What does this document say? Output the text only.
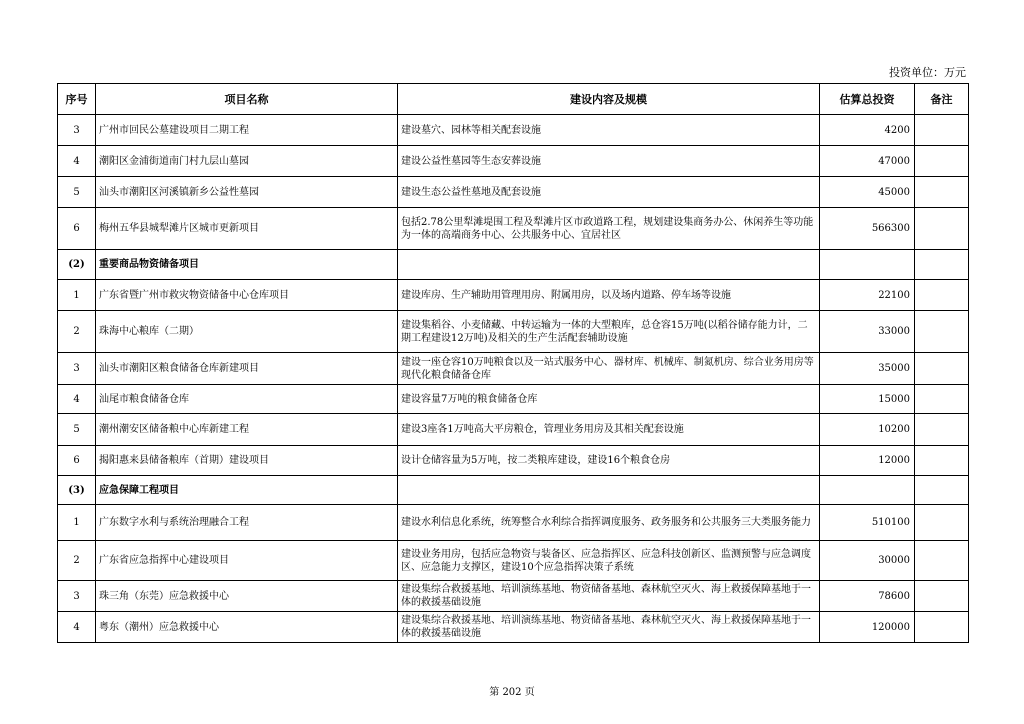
投资单位：万元
序号	项目名称	建设内容及规模	估算总投资	备注
3	广州市回民公墓建设项目二期工程	建设墓穴、园林等相关配套设施	4200	
4	潮阳区金浦街道南门村九层山墓园	建设公益性墓园等生态安葬设施	47000	
5	汕头市潮阳区河溪镇新乡公益性墓园	建设生态公益性墓地及配套设施	45000	
6	梅州五华县城犁滩片区城市更新项目	包括2.78公里犁滩堤围工程及犁滩片区市政道路工程，规划建设集商务办公、休闲养生等功能为一体的高端商务中心、公共服务中心、宜居社区	566300	
(2)	重要商品物资储备项目			
1	广东省暨广州市救灾物资储备中心仓库项目	建设库房、生产辅助用管理用房、附属用房，以及场内道路、停车场等设施	22100	
2	珠海中心粮库（二期）	建设集稻谷、小麦储藏、中转运输为一体的大型粮库，总仓容15万吨(以稻谷储存能力计，二期工程建设12万吨)及相关的生产生活配套辅助设施	33000	
3	汕头市潮阳区粮食储备仓库新建项目	建设一座仓容10万吨粮食以及一站式服务中心、器材库、机械库、制氮机房、综合业务用房等现代化粮食储备仓库	35000	
4	汕尾市粮食储备仓库	建设容量7万吨的粮食储备仓库	15000	
5	潮州潮安区储备粮中心库新建工程	建设3座各1万吨高大平房粮仓，管理业务用房及其相关配套设施	10200	
6	揭阳惠来县储备粮库（首期）建设项目	设计仓储容量为5万吨，按二类粮库建设，建设16个粮食仓房	12000	
(3)	应急保障工程项目			
1	广东数字水利与系统治理融合工程	建设水利信息化系统，统筹整合水利综合指挥调度服务、政务服务和公共服务三大类服务能力	510100	
2	广东省应急指挥中心建设项目	建设业务用房，包括应急物资与装备区、应急指挥区、应急科技创新区、监测预警与应急调度区、应急能力支撑区，建设10个应急指挥决策子系统	30000	
3	珠三角（东莞）应急救援中心	建设集综合救援基地、培训演练基地、物资储备基地、森林航空灭火、海上救援保障基地于一体的救援基础设施	78600	
4	粤东（潮州）应急救援中心	建设集综合救援基地、培训演练基地、物资储备基地、森林航空灭火、海上救援保障基地于一体的救援基础设施	120000	
第 202 页
